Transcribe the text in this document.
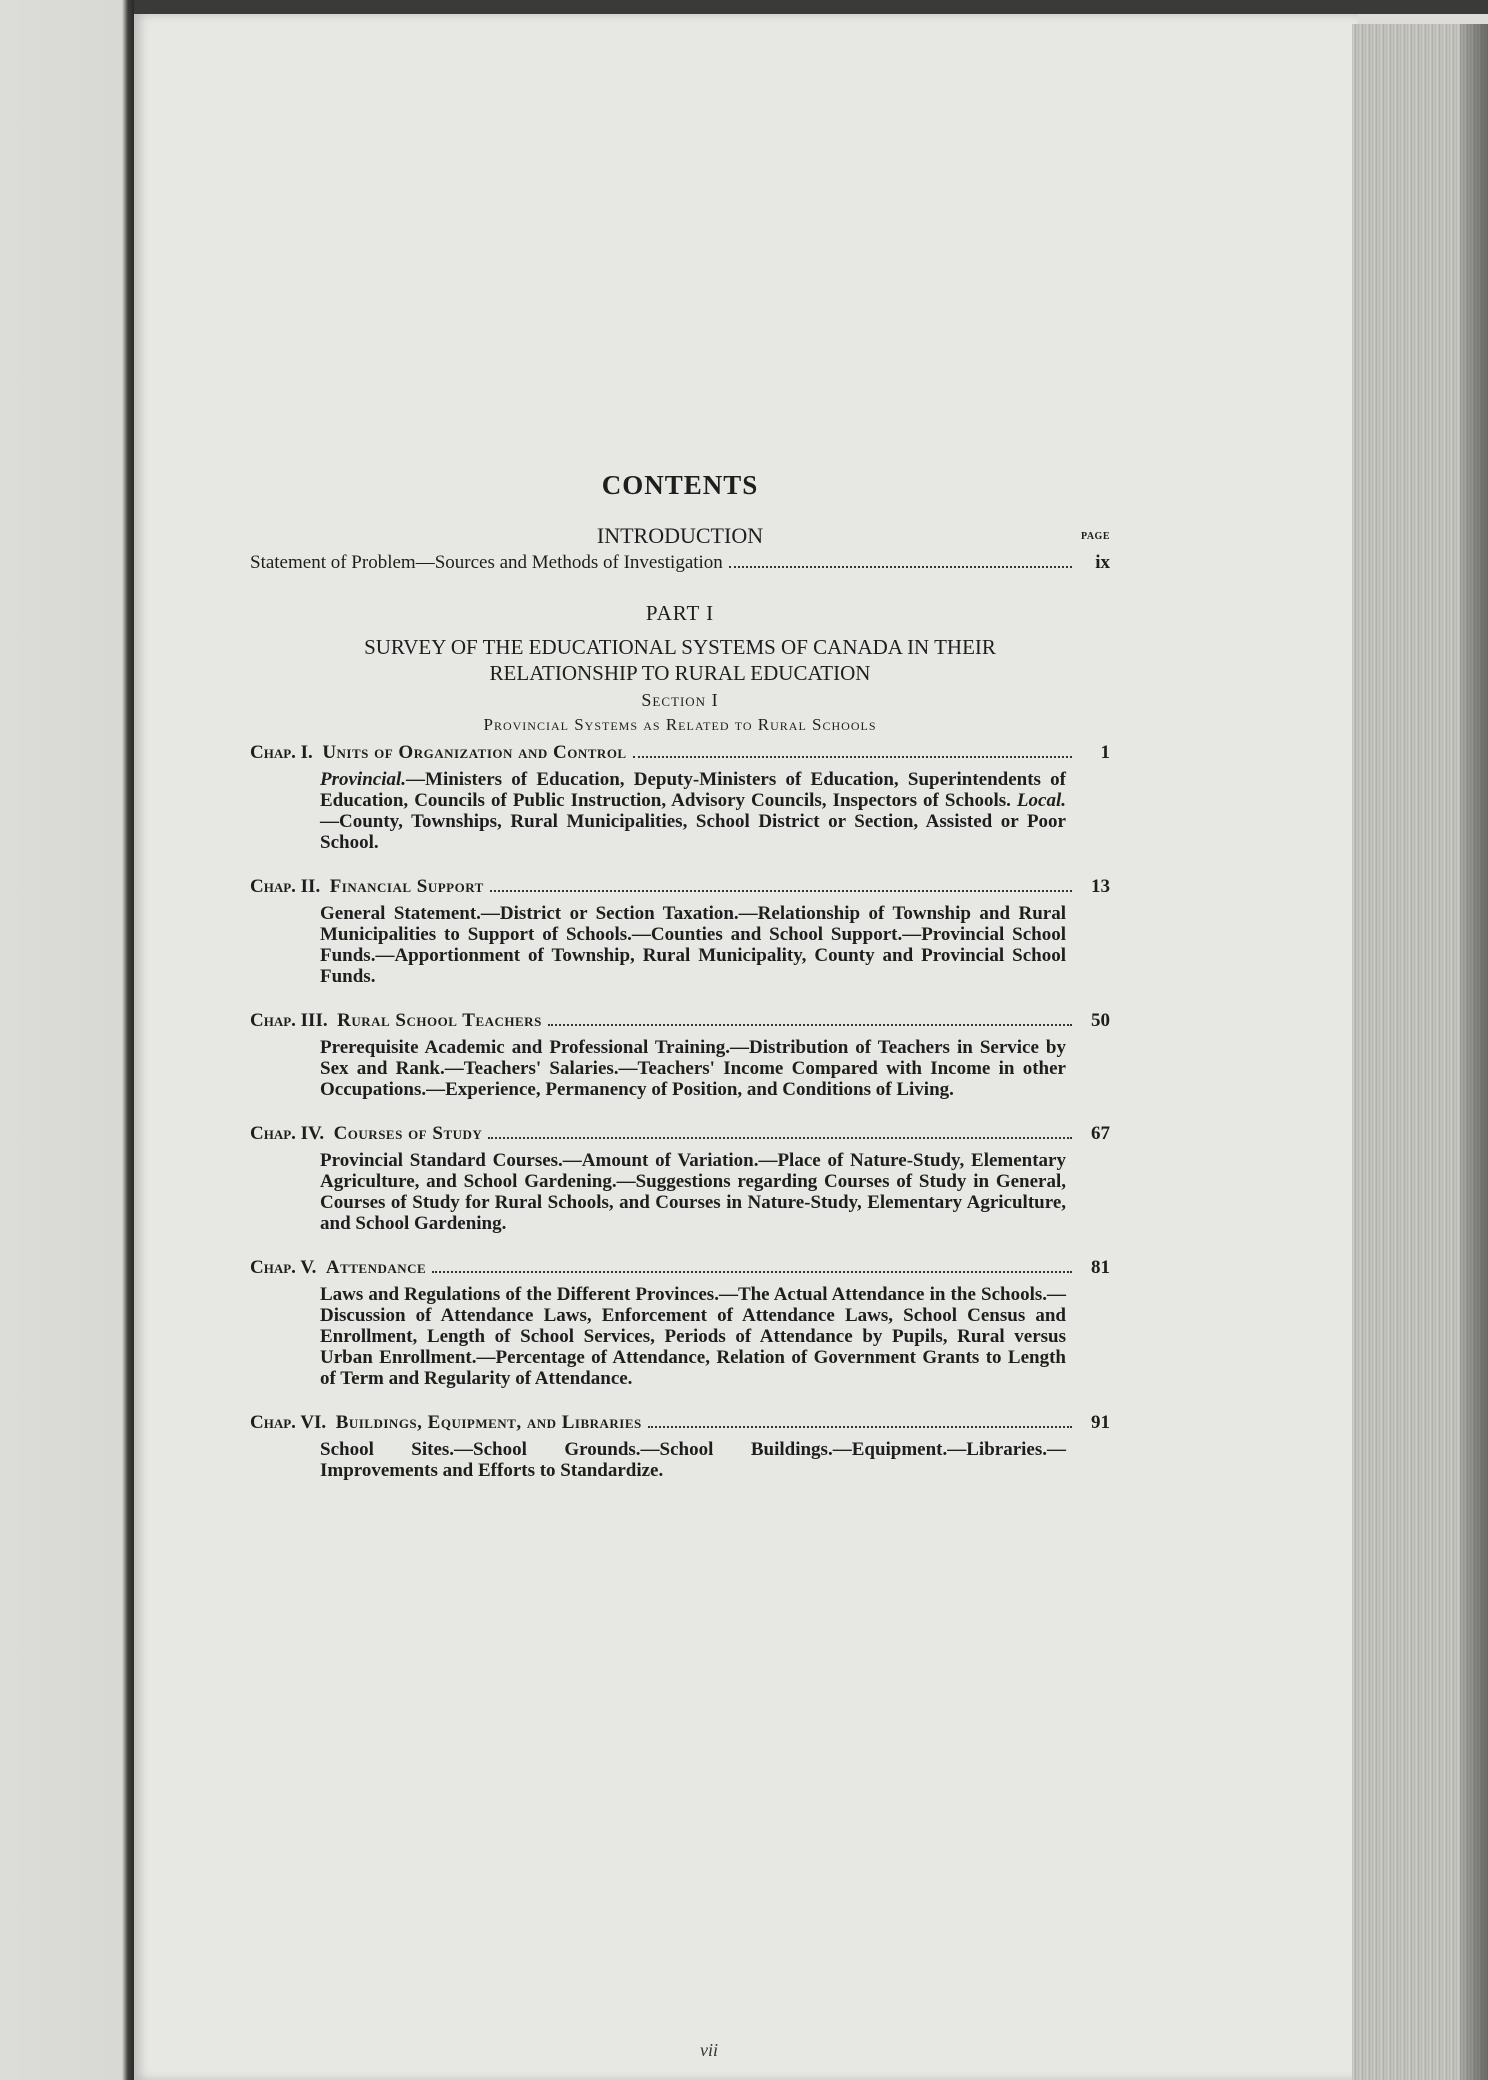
CONTENTS
INTRODUCTION	PAGE
Statement of Problem—Sources and Methods of Investigation	ix
PART I

SURVEY OF THE EDUCATIONAL SYSTEMS OF CANADA IN THEIR

RELATIONSHIP TO RURAL EDUCATION

Section I
Provincial Systems as Related to Rural Schools
Chap. I. Units of Organization and Control	1

Provincial.—Ministers of Education, Deputy-Ministers of Education, Superintendents of Education, Councils of Public Instruction, Advisory Councils, Inspectors of Schools. Local.—County, Townships, Rural Municipalities, School District or Section, Assisted or Poor School.

Chap. II. Financial Support	13

General Statement.—District or Section Taxation.—Relationship of Township and Rural Municipalities to Support of Schools.—Counties and School Support.—Provincial School Funds.—Apportionment of Township, Rural Municipality, County and Provincial School Funds.

Chap. III. Rural School Teachers	50

Prerequisite Academic and Professional Training.—Distribution of Teachers in Service by Sex and Rank.—Teachers' Salaries.—Teachers' Income Compared with Income in other Occupations.—Experience, Permanency of Position, and Conditions of Living.

Chap. IV. Courses of Study	67

Provincial Standard Courses.—Amount of Variation.—Place of Nature-Study, Elementary Agriculture, and School Gardening.—Suggestions regarding Courses of Study in General, Courses of Study for Rural Schools, and Courses in Nature-Study, Elementary Agriculture, and School Gardening.

Chap. V. Attendance	81

Laws and Regulations of the Different Provinces.—The Actual Attendance in the Schools.—Discussion of Attendance Laws, Enforcement of Attendance Laws, School Census and Enrollment, Length of School Services, Periods of Attendance by Pupils, Rural versus Urban Enrollment.—Percentage of Attendance, Relation of Government Grants to Length of Term and Regularity of Attendance.

Chap. VI. Buildings, Equipment, and Libraries	91

School Sites.—School Grounds.—School Buildings.—Equipment.—Libraries.—Improvements and Efforts to Standardize.

vii
